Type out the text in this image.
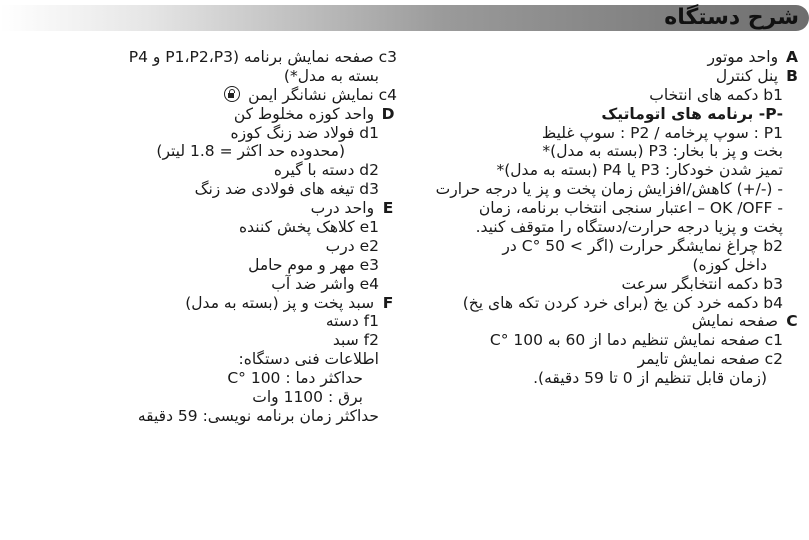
شرح دستگاه
A واحد موتور
B پنل کنترل
b1 دکمه های انتخاب
-P- برنامه های اتوماتیک
P1 : سوپ پرخامه / P2 : سوپ غلیظ
بخت و پز با بخار: P3 (بسته به مدل)*
تمیز شدن خودکار: P3 یا P4 (بسته به مدل)*
- (-/+) کاهش/افزایش زمان پخت و پز یا درجه حرارت
- OK /OFF – اعتبار سنجی انتخاب برنامه، زمان
پخت و پزیا درجه حرارت/دستگاه را متوقف کنید.
b2 چراغ نمایشگر حرارت (اگر > 50 °C در
داخل کوزه)
b3 دکمه انتخابگر سرعت
b4 دکمه خرد کن یخ (برای خرد کردن تکه های یخ)
C صفحه نمایش
c1 صفحه نمایش تنظیم دما از 60 به 100 °C
c2 صفحه نمایش تایمر
(زمان قابل تنظیم از 0 تا 59 دقیقه).
c3 صفحه نمایش برنامه (P1،P2،P3 و P4
بسته به مدل*)
c4 نمایش نشانگر ایمن
D واحد کوزه مخلوط کن
d1 فولاد ضد زنگ کوزه
(محدوده حد اکثر = 1.8 لیتر)
d2 دسته با گیره
d3 تیغه های فولادی ضد زنگ
E واحد درب
e1 کلاهک پخش کننده
e2 درب
e3 مهر و موم حامل
e4 واشر ضد آب
F سبد پخت و پز (بسته به مدل)
f1 دسته
f2 سبد
اطلاعات فنی دستگاه:
حداکثر دما : 100 °C
برق : 1100 وات
حداکثر زمان برنامه نویسی: 59 دقیقه
